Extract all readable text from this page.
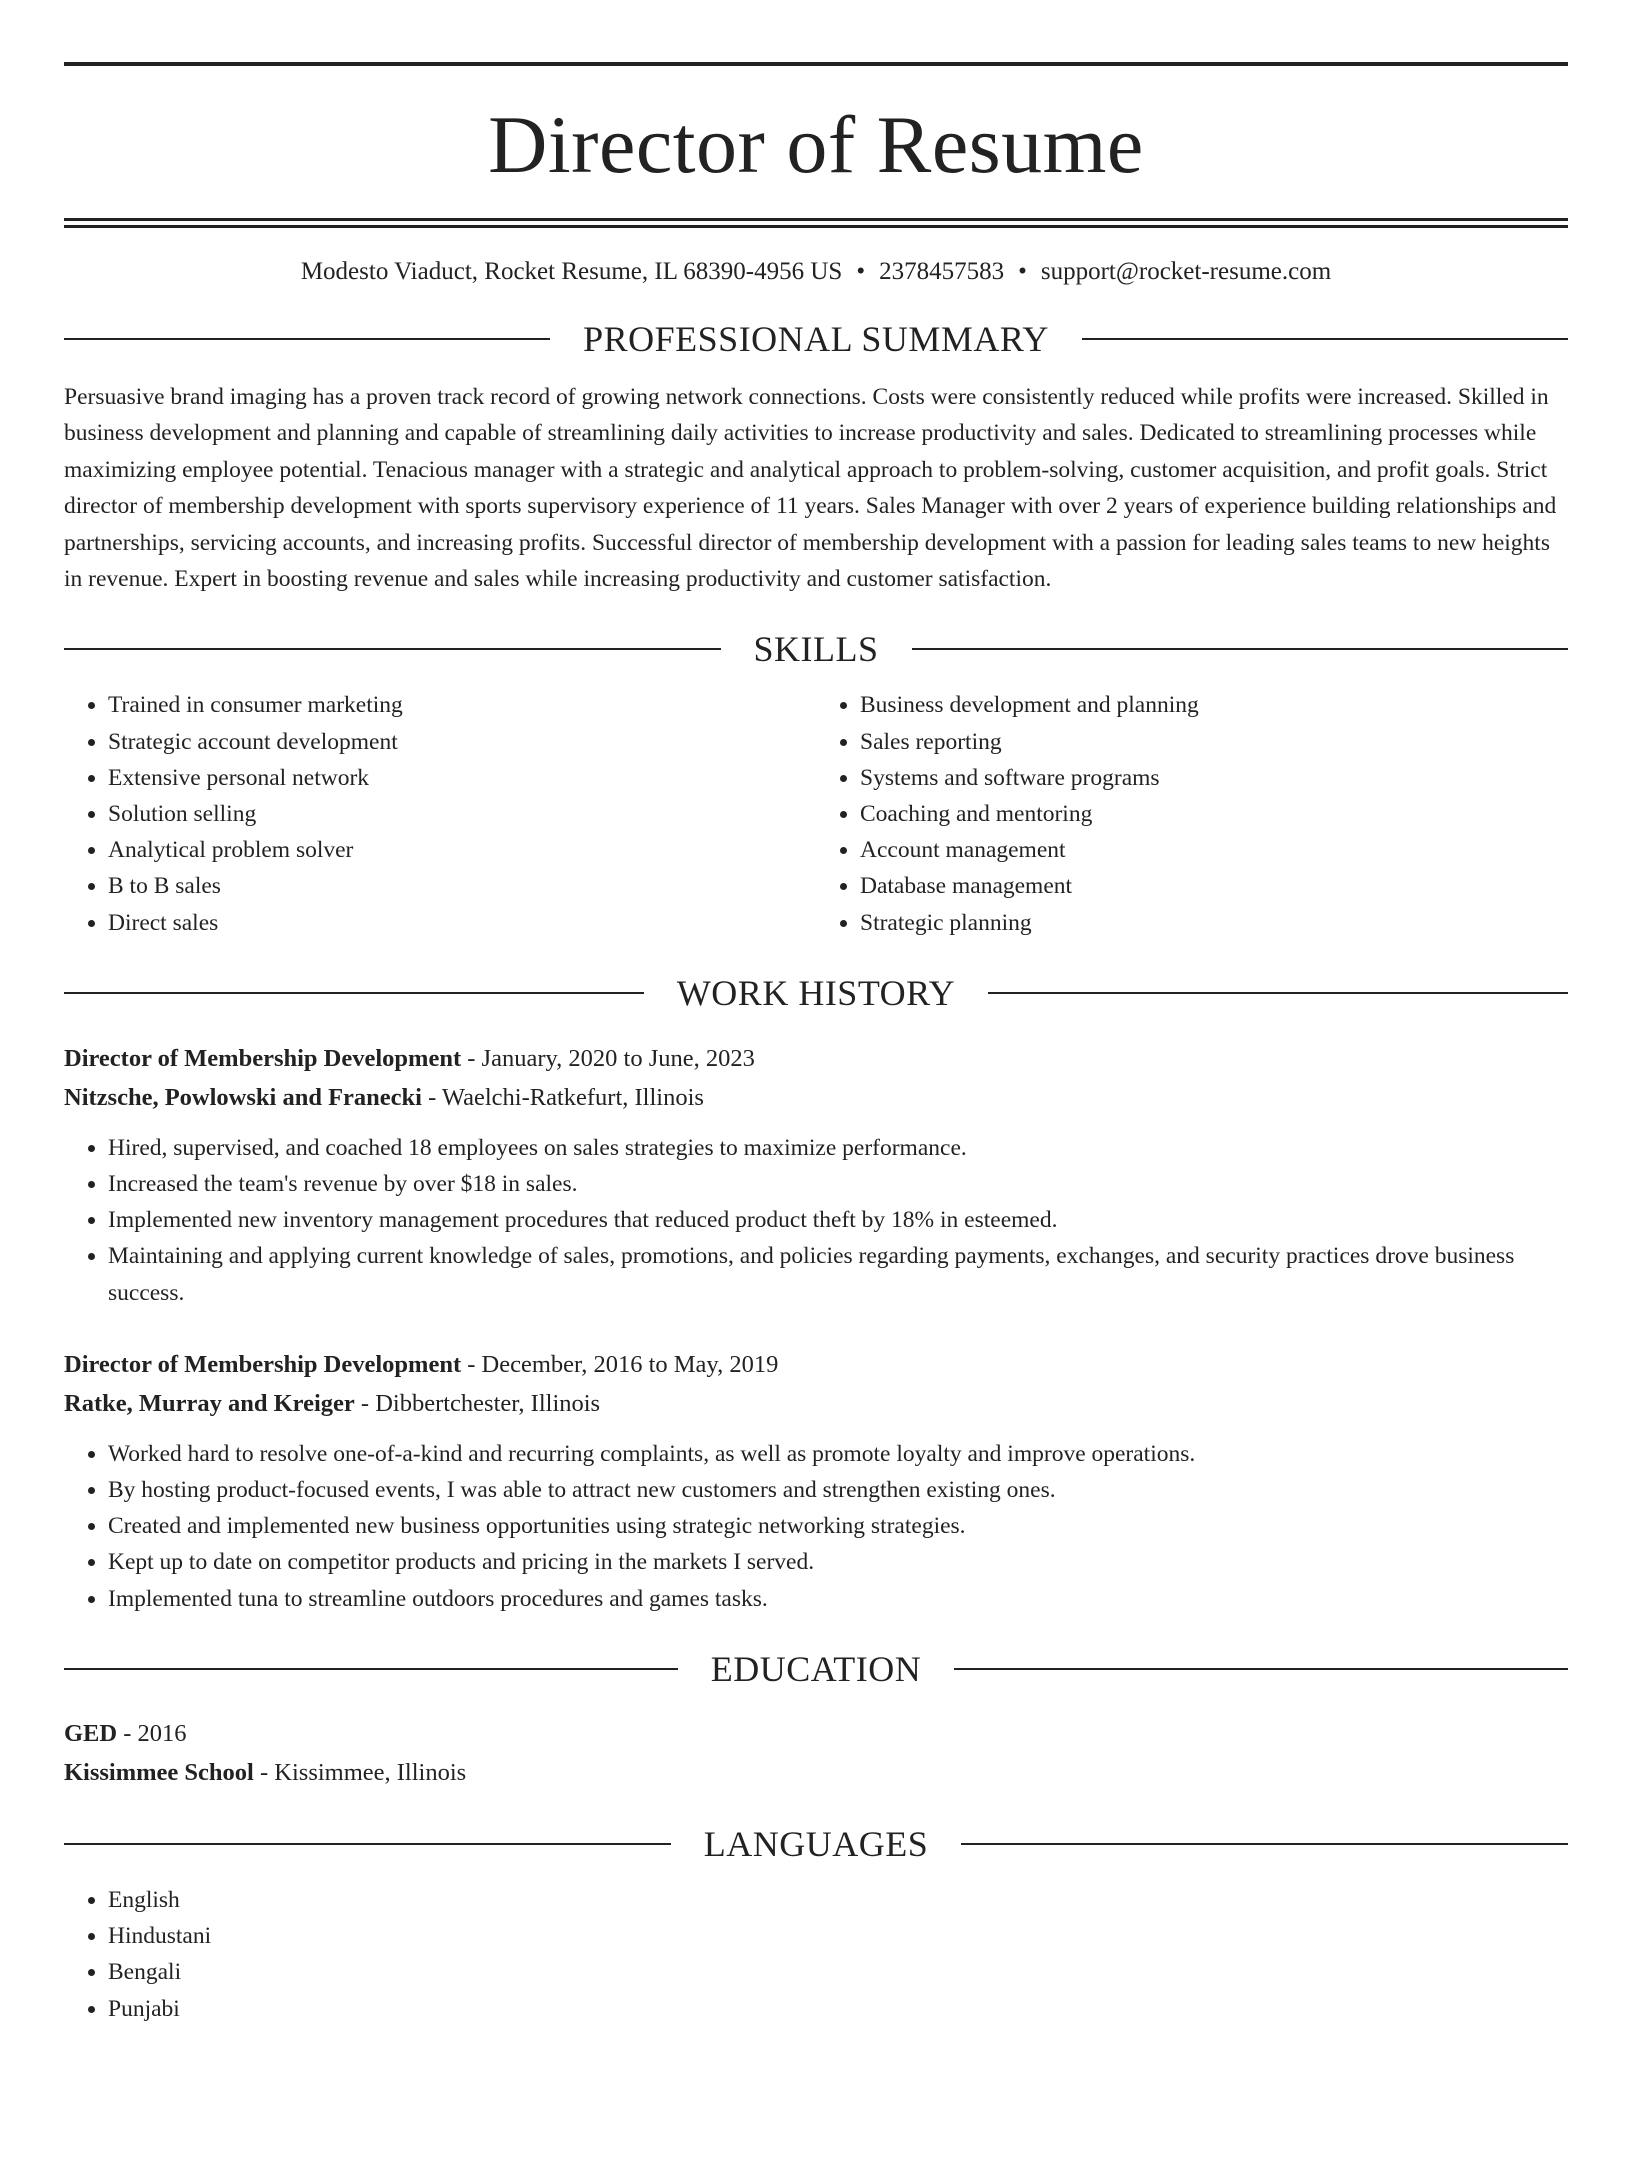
Director of Resume
Modesto Viaduct, Rocket Resume, IL 68390-4956 US • 2378457583 • support@rocket-resume.com
PROFESSIONAL SUMMARY
Persuasive brand imaging has a proven track record of growing network connections. Costs were consistently reduced while profits were increased. Skilled in business development and planning and capable of streamlining daily activities to increase productivity and sales. Dedicated to streamlining processes while maximizing employee potential. Tenacious manager with a strategic and analytical approach to problem-solving, customer acquisition, and profit goals. Strict director of membership development with sports supervisory experience of 11 years. Sales Manager with over 2 years of experience building relationships and partnerships, servicing accounts, and increasing profits. Successful director of membership development with a passion for leading sales teams to new heights in revenue. Expert in boosting revenue and sales while increasing productivity and customer satisfaction.
SKILLS
• Trained in consumer marketing
• Strategic account development
• Extensive personal network
• Solution selling
• Analytical problem solver
• B to B sales
• Direct sales
• Business development and planning
• Sales reporting
• Systems and software programs
• Coaching and mentoring
• Account management
• Database management
• Strategic planning
WORK HISTORY
Director of Membership Development - January, 2020 to June, 2023
Nitzsche, Powlowski and Franecki - Waelchi-Ratkefurt, Illinois
• Hired, supervised, and coached 18 employees on sales strategies to maximize performance.
• Increased the team's revenue by over $18 in sales.
• Implemented new inventory management procedures that reduced product theft by 18% in esteemed.
• Maintaining and applying current knowledge of sales, promotions, and policies regarding payments, exchanges, and security practices drove business success.
Director of Membership Development - December, 2016 to May, 2019
Ratke, Murray and Kreiger - Dibbertchester, Illinois
• Worked hard to resolve one-of-a-kind and recurring complaints, as well as promote loyalty and improve operations.
• By hosting product-focused events, I was able to attract new customers and strengthen existing ones.
• Created and implemented new business opportunities using strategic networking strategies.
• Kept up to date on competitor products and pricing in the markets I served.
• Implemented tuna to streamline outdoors procedures and games tasks.
EDUCATION
GED - 2016
Kissimmee School - Kissimmee, Illinois
LANGUAGES
• English
• Hindustani
• Bengali
• Punjabi
